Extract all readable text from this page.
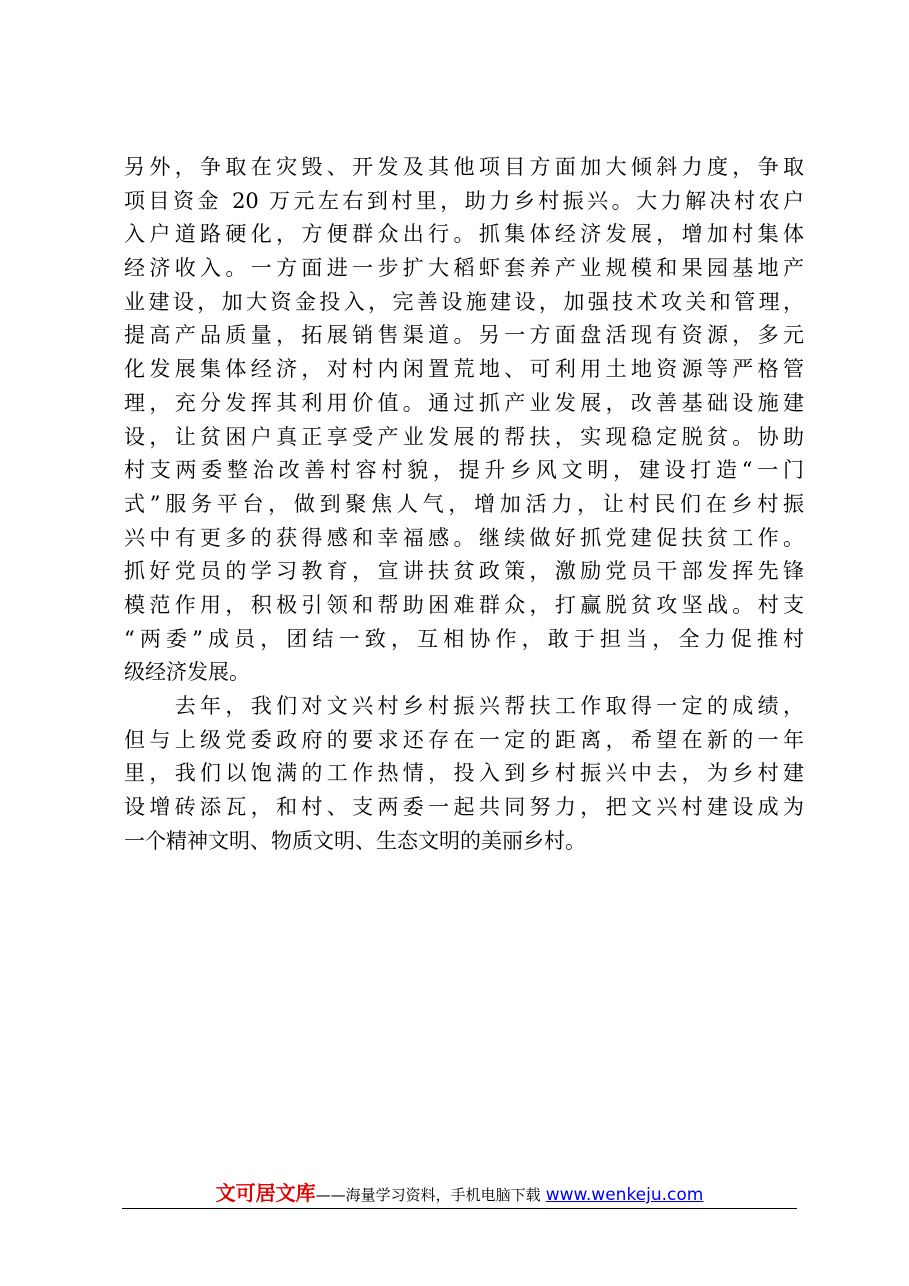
另外，争取在灾毁、开发及其他项目方面加大倾斜力度，争取
项目资金 20 万元左右到村里，助力乡村振兴。大力解决村农户
入户道路硬化，方便群众出行。抓集体经济发展，增加村集体
经济收入。一方面进一步扩大稻虾套养产业规模和果园基地产
业建设，加大资金投入，完善设施建设，加强技术攻关和管理，
提高产品质量，拓展销售渠道。另一方面盘活现有资源，多元
化发展集体经济，对村内闲置荒地、可利用土地资源等严格管
理，充分发挥其利用价值。通过抓产业发展，改善基础设施建
设，让贫困户真正享受产业发展的帮扶，实现稳定脱贫。协助
村支两委整治改善村容村貌，提升乡风文明，建设打造“一门
式”服务平台，做到聚焦人气，增加活力，让村民们在乡村振
兴中有更多的获得感和幸福感。继续做好抓党建促扶贫工作。
抓好党员的学习教育，宣讲扶贫政策，激励党员干部发挥先锋
模范作用，积极引领和帮助困难群众，打赢脱贫攻坚战。村支
“两委”成员，团结一致，互相协作，敢于担当，全力促推村
级经济发展。
　　去年，我们对文兴村乡村振兴帮扶工作取得一定的成绩，
但与上级党委政府的要求还存在一定的距离，希望在新的一年
里，我们以饱满的工作热情，投入到乡村振兴中去，为乡村建
设增砖添瓦，和村、支两委一起共同努力，把文兴村建设成为
一个精神文明、物质文明、生态文明的美丽乡村。
文可居文库——海量学习资料，手机电脑下载 www.wenkeju.com
